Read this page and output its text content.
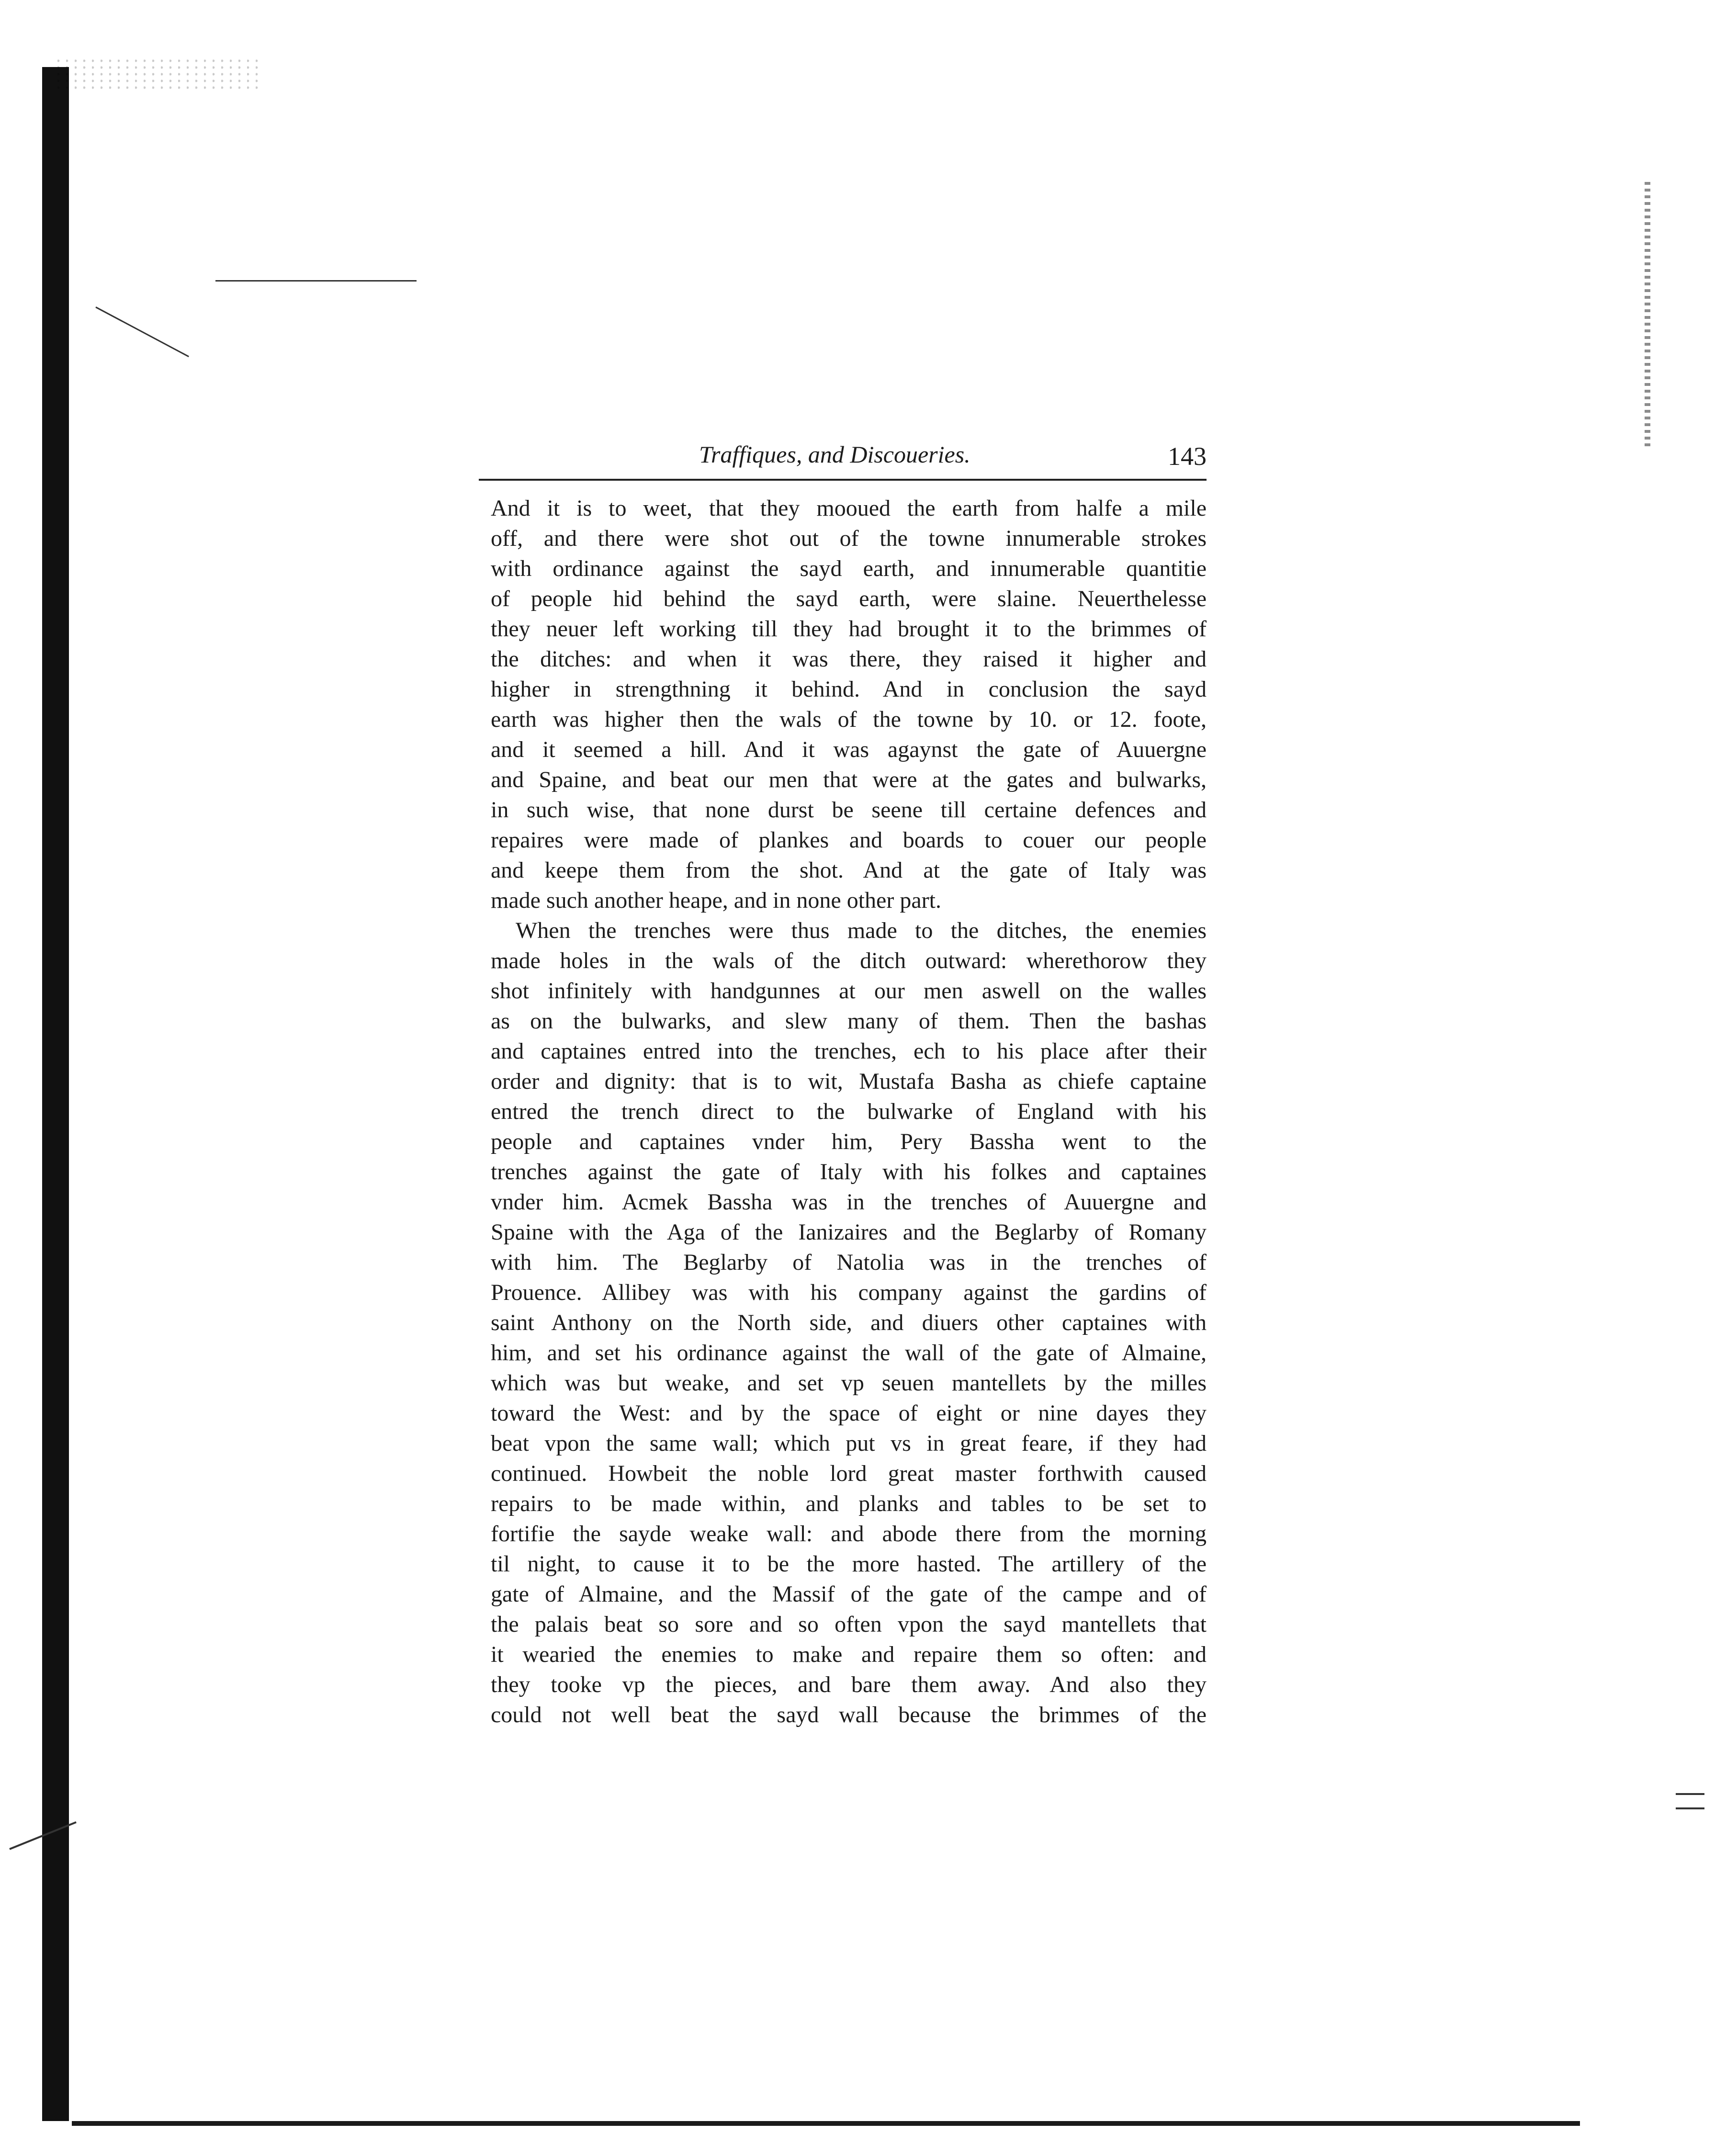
Traffiques, and Discoueries.	143
And it is to weet, that they mooued the earth from halfe a mile
off, and there were shot out of the towne innumerable strokes
with ordinance against the sayd earth, and innumerable quantitie
of people hid behind the sayd earth, were slaine. Neuerthelesse
they neuer left working till they had brought it to the brimmes of
the ditches: and when it was there, they raised it higher and
higher in strengthning it behind. And in conclusion the sayd
earth was higher then the wals of the towne by 10. or 12. foote,
and it seemed a hill. And it was agaynst the gate of Auuergne
and Spaine, and beat our men that were at the gates and bulwarks,
in such wise, that none durst be seene till certaine defences and
repaires were made of plankes and boards to couer our people
and keepe them from the shot. And at the gate of Italy was
made such another heape, and in none other part.
When the trenches were thus made to the ditches, the enemies
made holes in the wals of the ditch outward: wherethorow they
shot infinitely with handgunnes at our men aswell on the walles
as on the bulwarks, and slew many of them. Then the bashas
and captaines entred into the trenches, ech to his place after their
order and dignity: that is to wit, Mustafa Basha as chiefe captaine
entred the trench direct to the bulwarke of England with his
people and captaines vnder him, Pery Bassha went to the
trenches against the gate of Italy with his folkes and captaines
vnder him. Acmek Bassha was in the trenches of Auuergne and
Spaine with the Aga of the Ianizaires and the Beglarby of Romany
with him. The Beglarby of Natolia was in the trenches of
Prouence. Allibey was with his company against the gardins of
saint Anthony on the North side, and diuers other captaines with
him, and set his ordinance against the wall of the gate of Almaine,
which was but weake, and set vp seuen mantellets by the milles
toward the West: and by the space of eight or nine dayes they
beat vpon the same wall; which put vs in great feare, if they had
continued. Howbeit the noble lord great master forthwith caused
repairs to be made within, and planks and tables to be set to
fortifie the sayde weake wall: and abode there from the morning
til night, to cause it to be the more hasted. The artillery of the
gate of Almaine, and the Massif of the gate of the campe and of
the palais beat so sore and so often vpon the sayd mantellets that
it wearied the enemies to make and repaire them so often: and
they tooke vp the pieces, and bare them away. And also they
could not well beat the sayd wall because the brimmes of the
